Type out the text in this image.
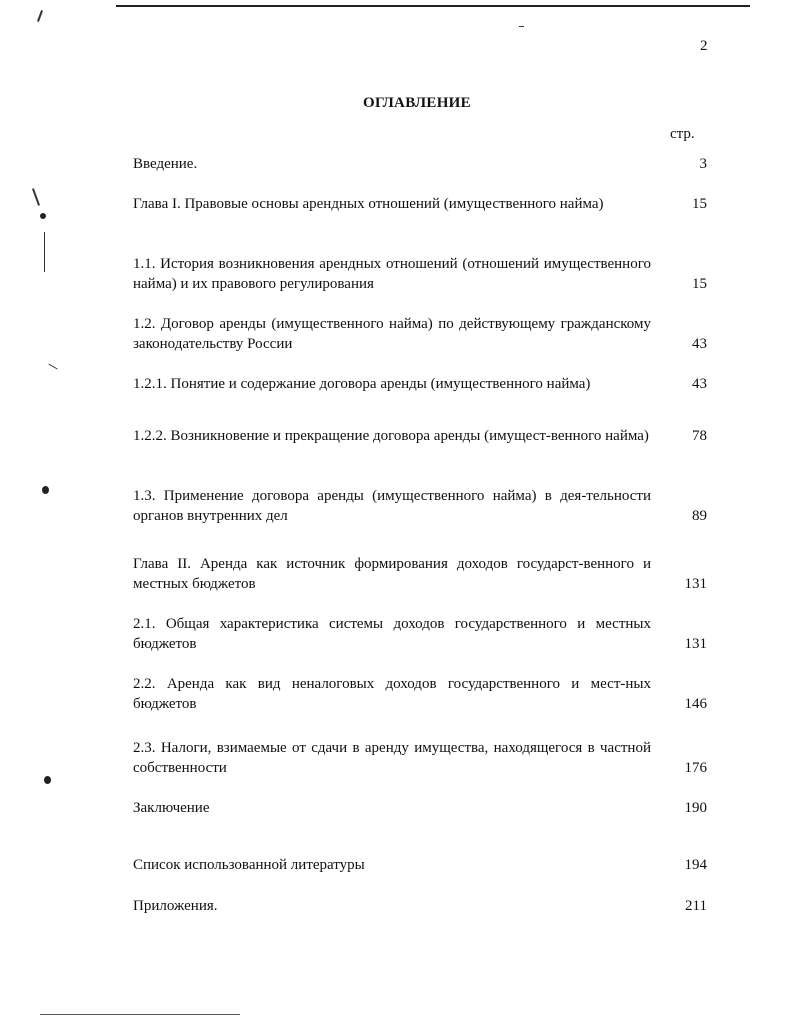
2
ОГЛАВЛЕНИЕ
стр.
Введение.	3
Глава I. Правовые основы арендных отношений (имущественного найма)	15
1.1. История возникновения арендных отношений (отношений имущественного найма) и их правового регулирования	15
1.2. Договор аренды (имущественного найма) по действующему гражданскому законодательству России	43
1.2.1. Понятие и содержание договора аренды (имущественного найма)	43
1.2.2. Возникновение и прекращение договора аренды (имущест-венного найма)	78
1.3. Применение договора аренды (имущественного найма) в дея-тельности органов внутренних дел	89
Глава II. Аренда как источник формирования доходов государст-венного и местных бюджетов	131
2.1. Общая характеристика системы доходов государственного и местных бюджетов	131
2.2. Аренда как вид неналоговых доходов государственного и мест-ных бюджетов	146
2.3. Налоги, взимаемые от сдачи в аренду имущества, находящегося в частной собственности	176
Заключение	190
Список использованной литературы	194
Приложения.	211
